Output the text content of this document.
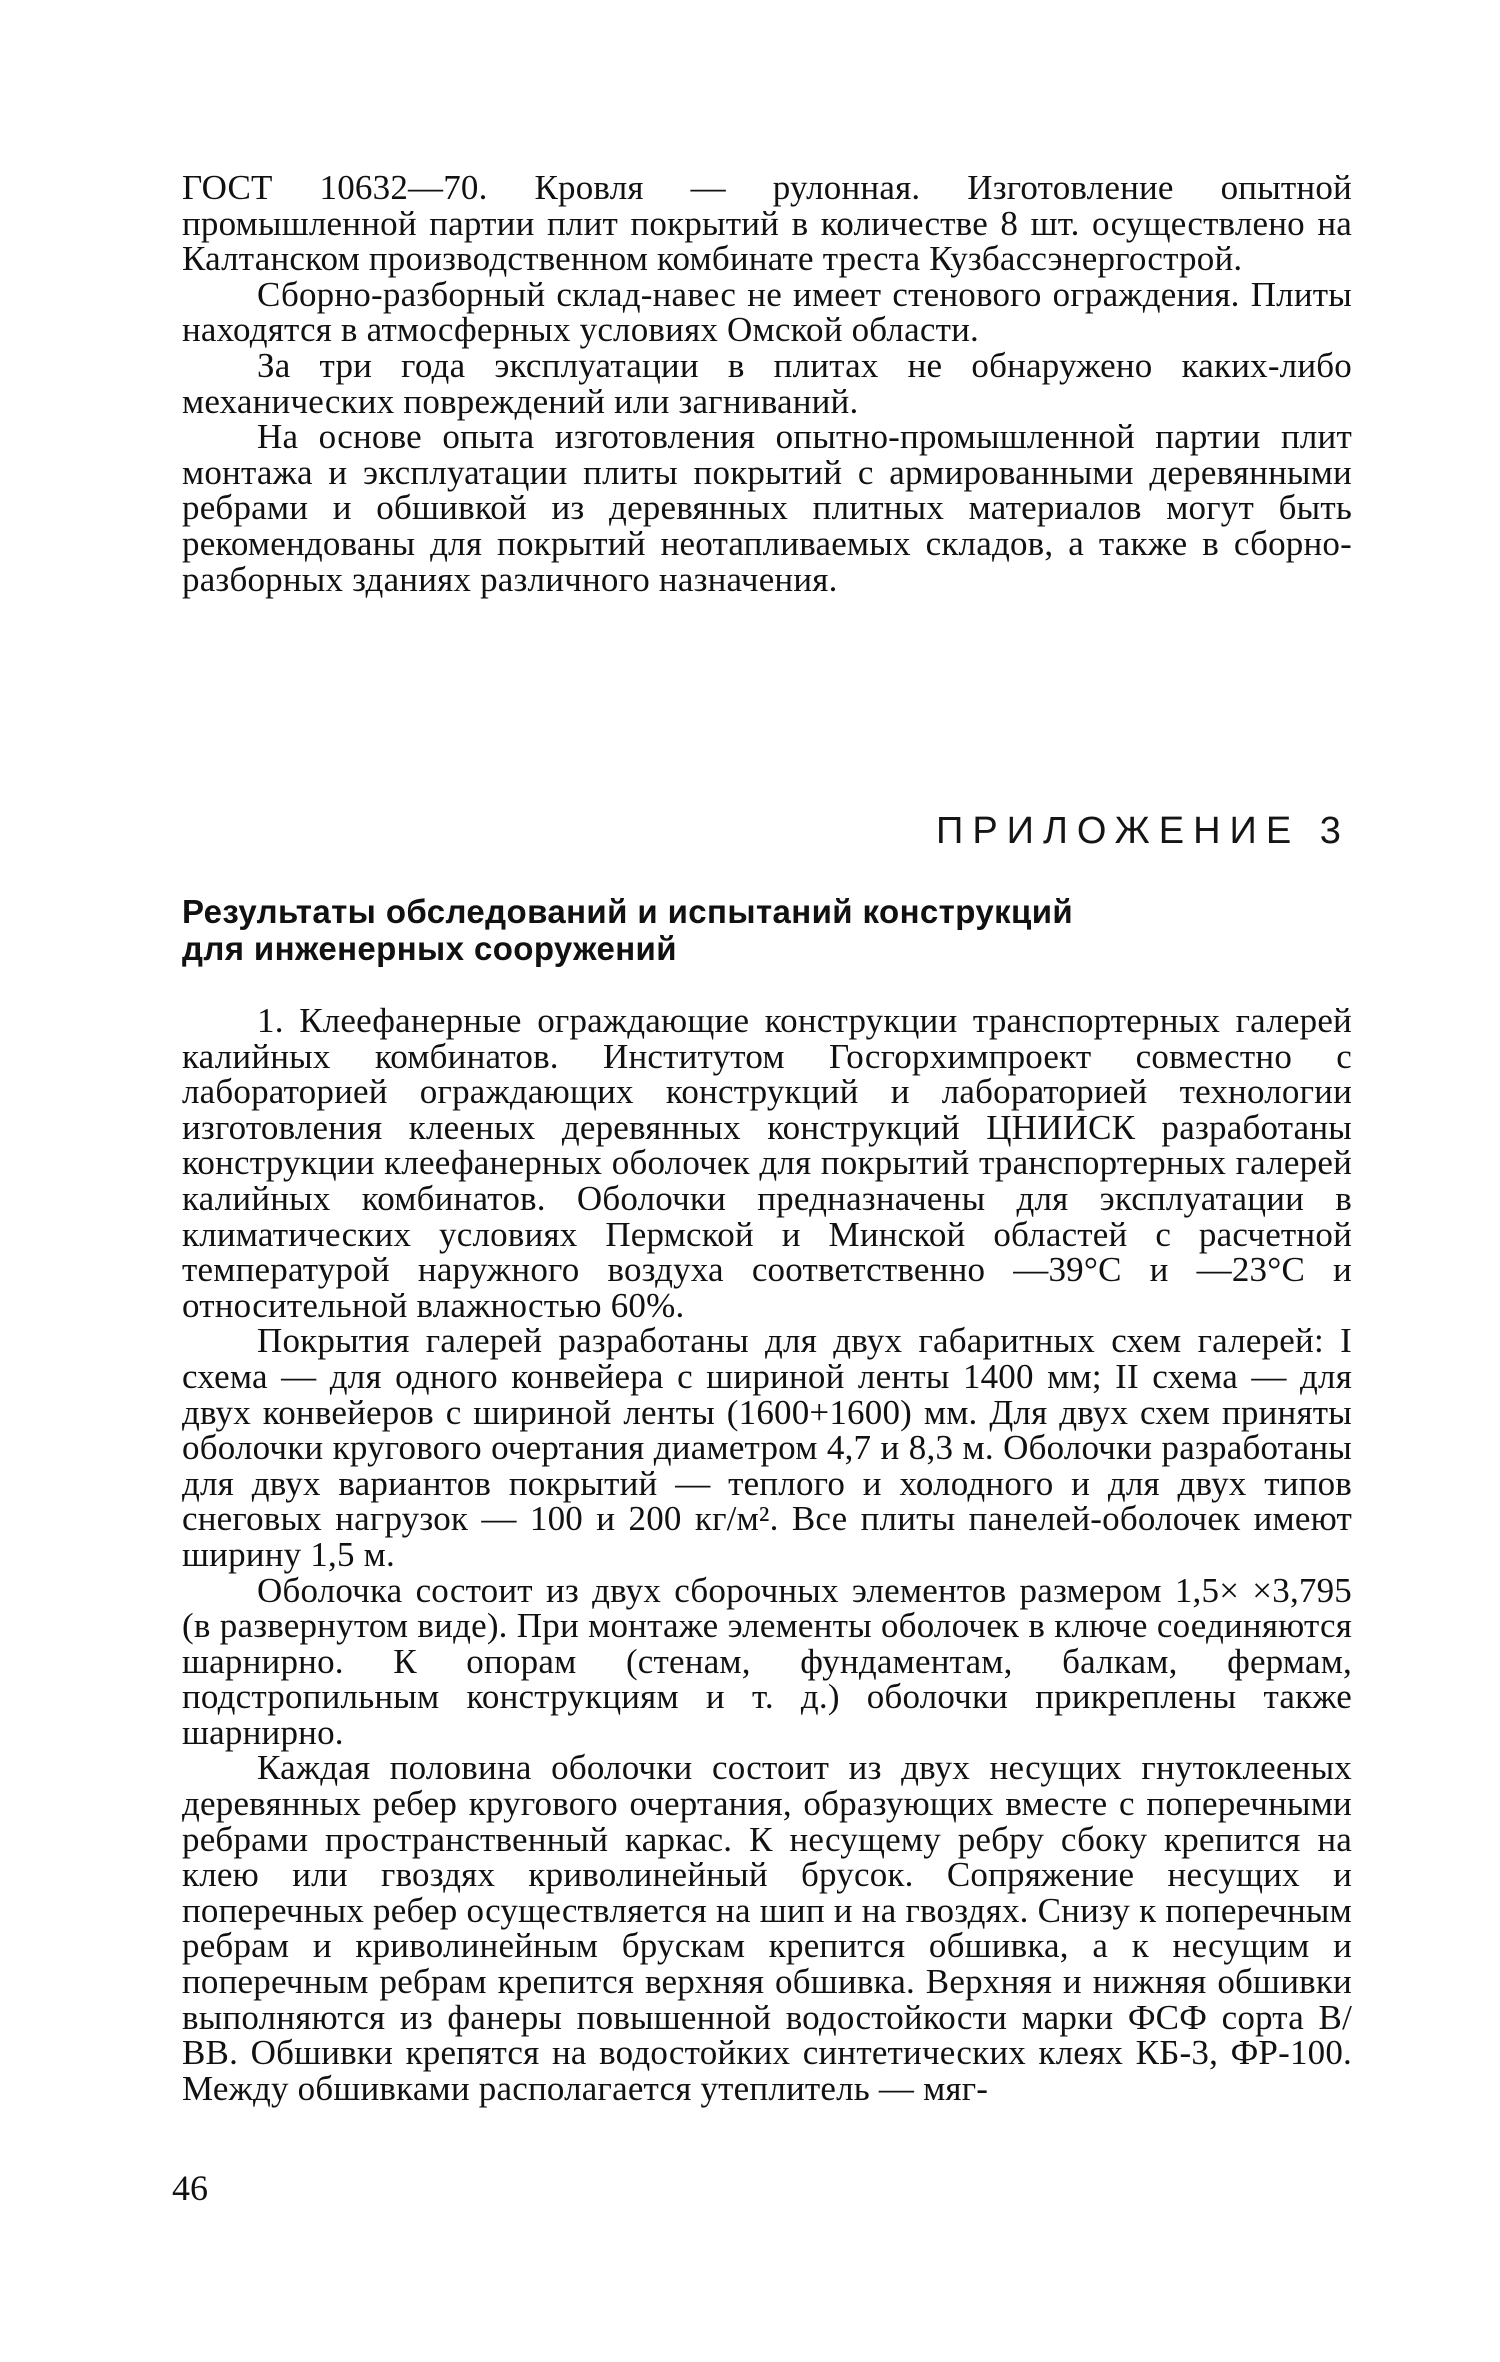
ГОСТ 10632—70. Кровля — рулонная. Изготовление опытной промышленной партии плит покрытий в количестве 8 шт. осуществлено на Калтанском производственном комбинате треста Кузбассэнергострой.

Сборно-разборный склад-навес не имеет стенового ограждения. Плиты находятся в атмосферных условиях Омской области.

За три года эксплуатации в плитах не обнаружено каких-либо механических повреждений или загниваний.

На основе опыта изготовления опытно-промышленной партии плит монтажа и эксплуатации плиты покрытий с армированными деревянными ребрами и обшивкой из деревянных плитных материалов могут быть рекомендованы для покрытий неотапливаемых складов, а также в сборно-разборных зданиях различного назначения.

ПРИЛОЖЕНИЕ 3
Результаты обследований и испытаний конструкций
для инженерных сооружений

1. Клеефанерные ограждающие конструкции транспортерных галерей калийных комбинатов. Институтом Госгорхимпроект совместно с лабораторией ограждающих конструкций и лабораторией технологии изготовления клееных деревянных конструкций ЦНИИСК разработаны конструкции клеефанерных оболочек для покрытий транспортерных галерей калийных комбинатов. Оболочки предназначены для эксплуатации в климатических условиях Пермской и Минской областей с расчетной температурой наружного воздуха соответственно —39°С и —23°С и относительной влажностью 60%.

Покрытия галерей разработаны для двух габаритных схем галерей: I схема — для одного конвейера с шириной ленты 1400 мм; II схема — для двух конвейеров с шириной ленты (1600+1600) мм. Для двух схем приняты оболочки кругового очертания диаметром 4,7 и 8,3 м. Оболочки разработаны для двух вариантов покрытий — теплого и холодного и для двух типов снеговых нагрузок — 100 и 200 кг/м². Все плиты панелей-оболочек имеют ширину 1,5 м.

Оболочка состоит из двух сборочных элементов размером 1,5× ×3,795 (в развернутом виде). При монтаже элементы оболочек в ключе соединяются шарнирно. К опорам (стенам, фундаментам, балкам, фермам, подстропильным конструкциям и т. д.) оболочки прикреплены также шарнирно.

Каждая половина оболочки состоит из двух несущих гнутоклееных деревянных ребер кругового очертания, образующих вместе с поперечными ребрами пространственный каркас. К несущему ребру сбоку крепится на клею или гвоздях криволинейный брусок. Сопряжение несущих и поперечных ребер осуществляется на шип и на гвоздях. Снизу к поперечным ребрам и криволинейным брускам крепится обшивка, а к несущим и поперечным ребрам крепится верхняя обшивка. Верхняя и нижняя обшивки выполняются из фанеры повышенной водостойкости марки ФСФ сорта В/ВВ. Обшивки крепятся на водостойких синтетических клеях КБ-3, ФР-100. Между обшивками располагается утеплитель — мяг-

46
